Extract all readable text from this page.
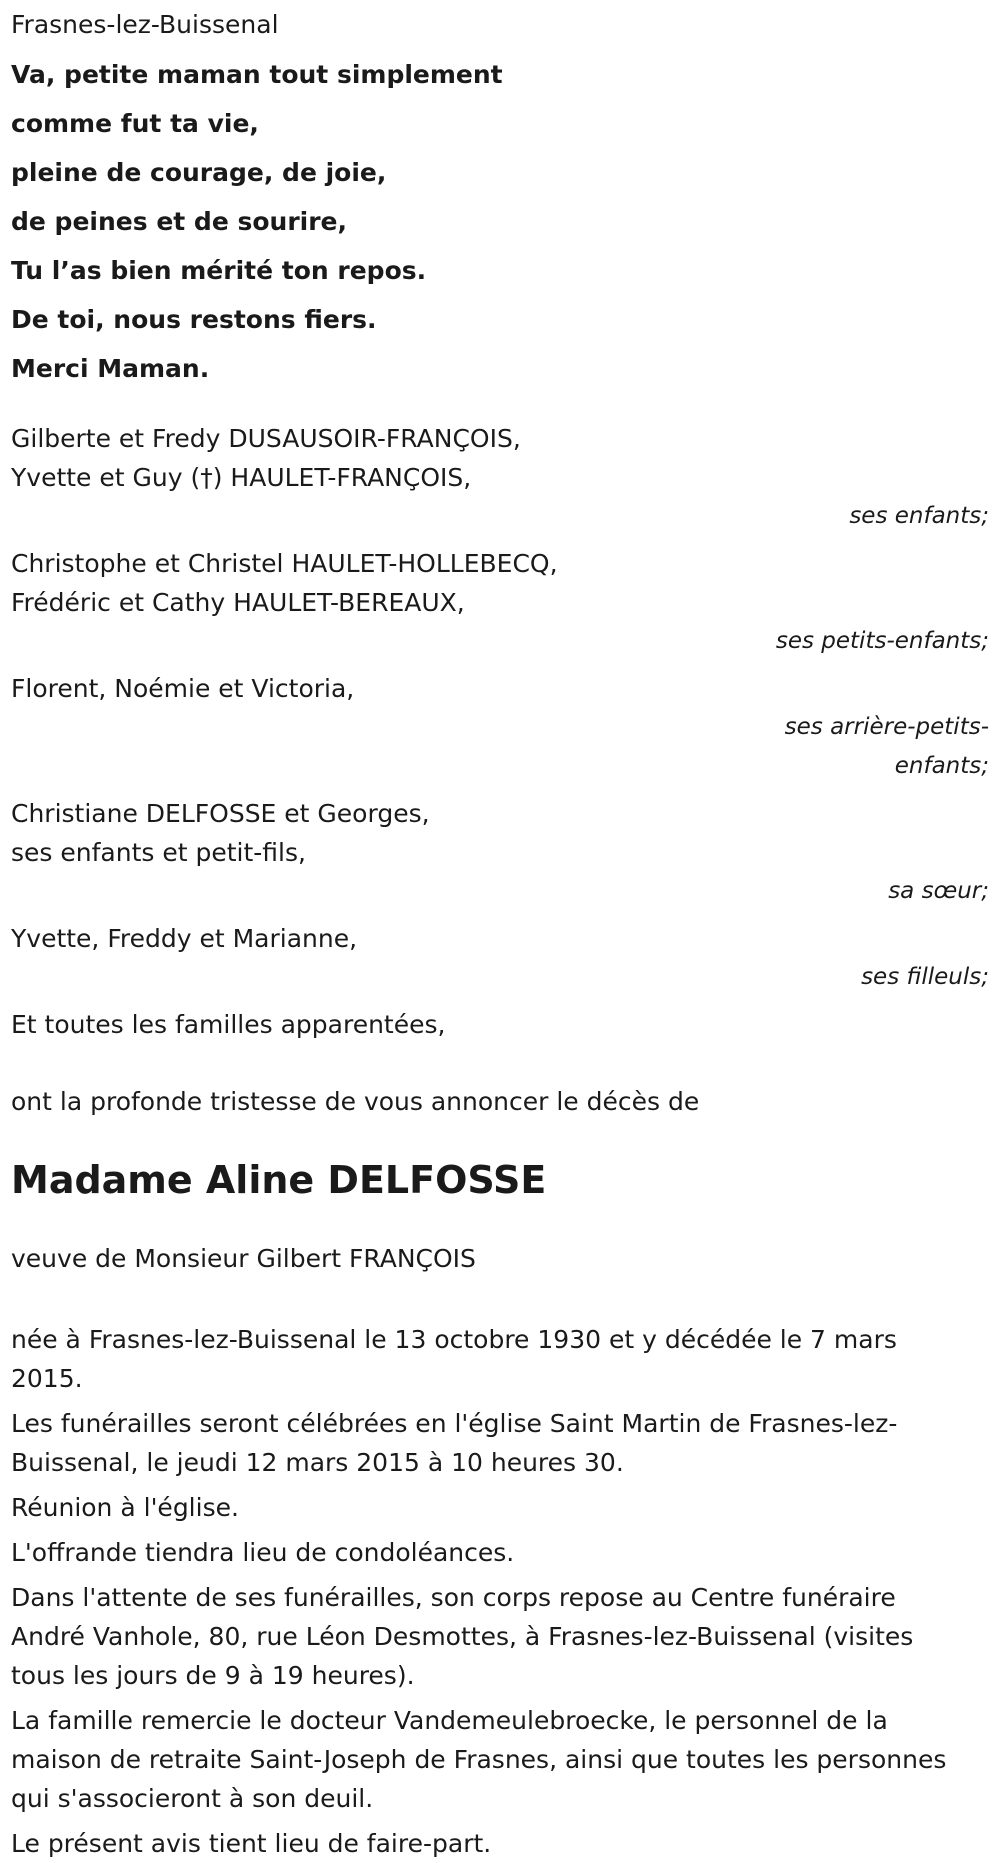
Frasnes-lez-Buissenal

Va, petite maman tout simplement

comme fut ta vie,

pleine de courage, de joie,

de peines et de sourire,

Tu l’as bien mérité ton repos.

De toi, nous restons fiers.

Merci Maman.

Gilberte et Fredy DUSAUSOIR-FRANÇOIS,

Yvette et Guy (†) HAULET-FRANÇOIS,

ses enfants;

Christophe et Christel HAULET-HOLLEBECQ,

Frédéric et Cathy HAULET-BEREAUX,

ses petits-enfants;

Florent, Noémie et Victoria,

ses arrière-petits-enfants;

Christiane DELFOSSE et Georges,

ses enfants et petit-fils,

sa sœur;

Yvette, Freddy et Marianne,

ses filleuls;

Et toutes les familles apparentées,

ont la profonde tristesse de vous annoncer le décès de

Madame Aline DELFOSSE

veuve de Monsieur Gilbert FRANÇOIS

née à Frasnes-lez-Buissenal le 13 octobre 1930 et y décédée le 7 mars 2015.

Les funérailles seront célébrées en l'église Saint Martin de Frasnes-lez-Buissenal, le jeudi 12 mars 2015 à 10 heures 30.

Réunion à l'église.

L'offrande tiendra lieu de condoléances.

Dans l'attente de ses funérailles, son corps repose au Centre funéraire André Vanhole, 80, rue Léon Desmottes, à Frasnes-lez-Buissenal (visites tous les jours de 9 à 19 heures).

La famille remercie le docteur Vandemeulebroecke, le personnel de la maison de retraite Saint-Joseph de Frasnes, ainsi que toutes les personnes qui s'associeront à son deuil.

Le présent avis tient lieu de faire-part.
